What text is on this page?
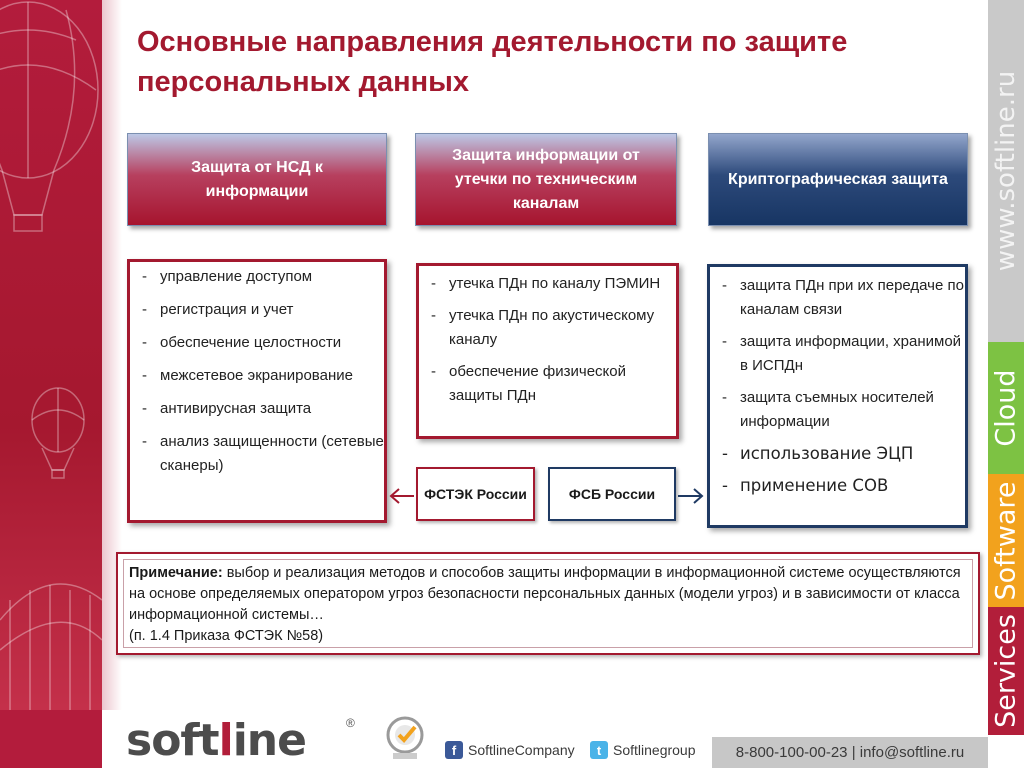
www.softline.ru
Cloud
Software
Services
Основные направления деятельности по защите персональных данных
Защита от НСД к информации
Защита информации от утечки по техническим каналам
Криптографическая защита
- управление доступом
- регистрация и учет
- обеспечение целостности
- межсетевое экранирование
- антивирусная защита
- анализ защищенности (сетевые сканеры)
- утечка ПДн по каналу ПЭМИН
- утечка ПДн по акустическому каналу
- обеспечение физической защиты ПДн
- защита ПДн при их передаче по каналам связи
- защита информации, хранимой в ИСПДн
- защита съемных носителей информации
- использование ЭЦП
- применение СОВ
ФСТЭК России	ФСБ России
Примечание: выбор и реализация методов и способов защиты информации в информационной системе осуществляются на основе определяемых оператором угроз безопасности персональных данных (модели угроз) и в зависимости от класса информационной системы…
(п. 1.4 Приказа ФСТЭК №58)
softline	®
f SoftlineCompany	t Softlinegroup	8-800-100-00-23 | info@softline.ru
